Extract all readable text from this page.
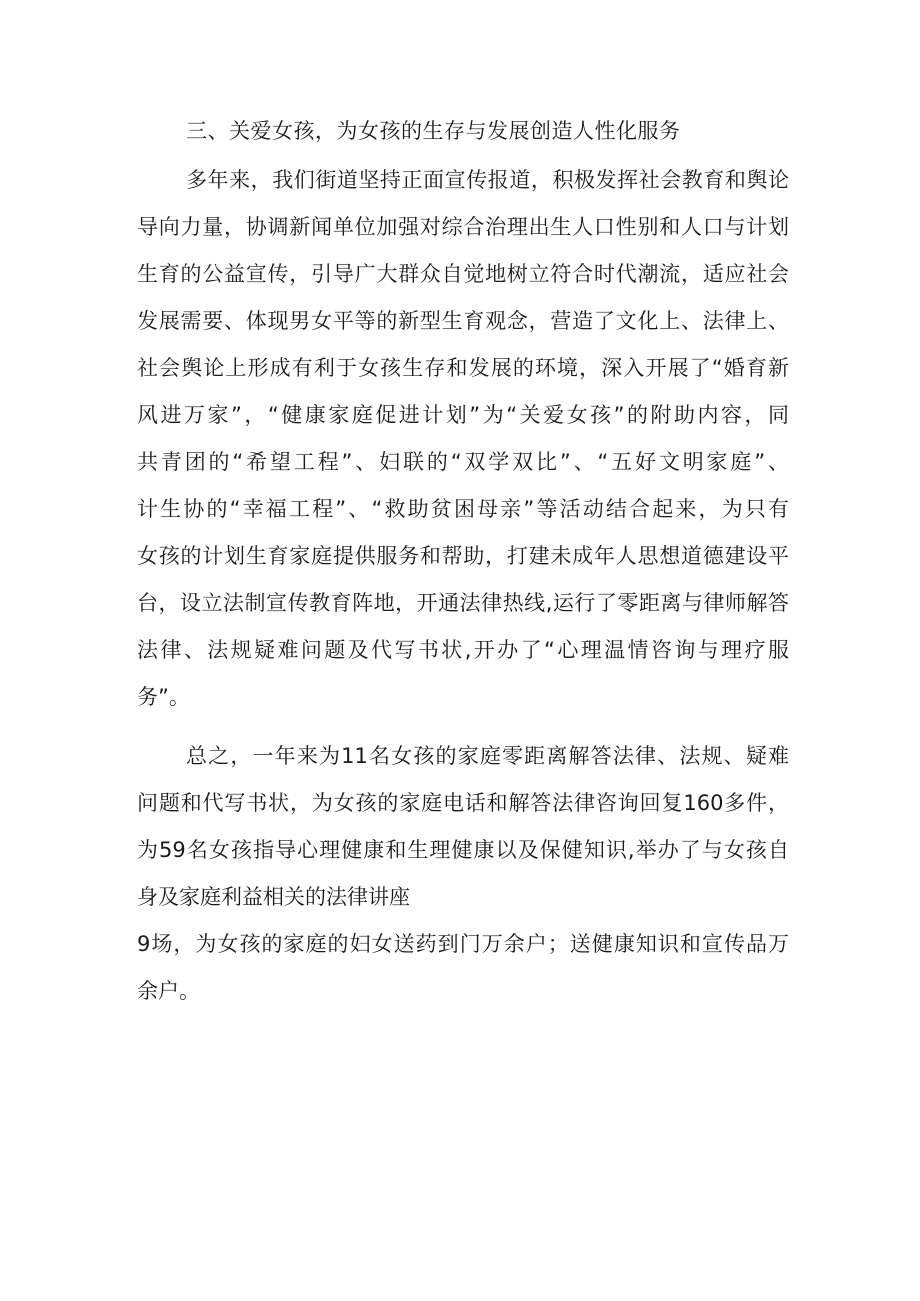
三、关爱女孩，为女孩的生存与发展创造人性化服务
多年来，我们街道坚持正面宣传报道，积极发挥社会教育和舆论
导向力量，协调新闻单位加强对综合治理出生人口性别和人口与计划
生育的公益宣传，引导广大群众自觉地树立符合时代潮流，适应社会
发展需要、体现男女平等的新型生育观念，营造了文化上、法律上、
社会舆论上形成有利于女孩生存和发展的环境，深入开展了“婚育新
风进万家”，“健康家庭促进计划”为“关爱女孩”的附助内容，同
共青团的“希望工程”、妇联的“双学双比”、“五好文明家庭”、
计生协的“幸福工程”、“救助贫困母亲”等活动结合起来，为只有
女孩的计划生育家庭提供服务和帮助，打建未成年人思想道德建设平
台，设立法制宣传教育阵地，开通法律热线,运行了零距离与律师解答
法律、法规疑难问题及代写书状,开办了“心理温情咨询与理疗服
务”。
总之，一年来为11名女孩的家庭零距离解答法律、法规、疑难
问题和代写书状，为女孩的家庭电话和解答法律咨询回复160多件，
为59名女孩指导心理健康和生理健康以及保健知识,举办了与女孩自
身及家庭利益相关的法律讲座
9场，为女孩的家庭的妇女送药到门万余户；送健康知识和宣传品万
余户。
